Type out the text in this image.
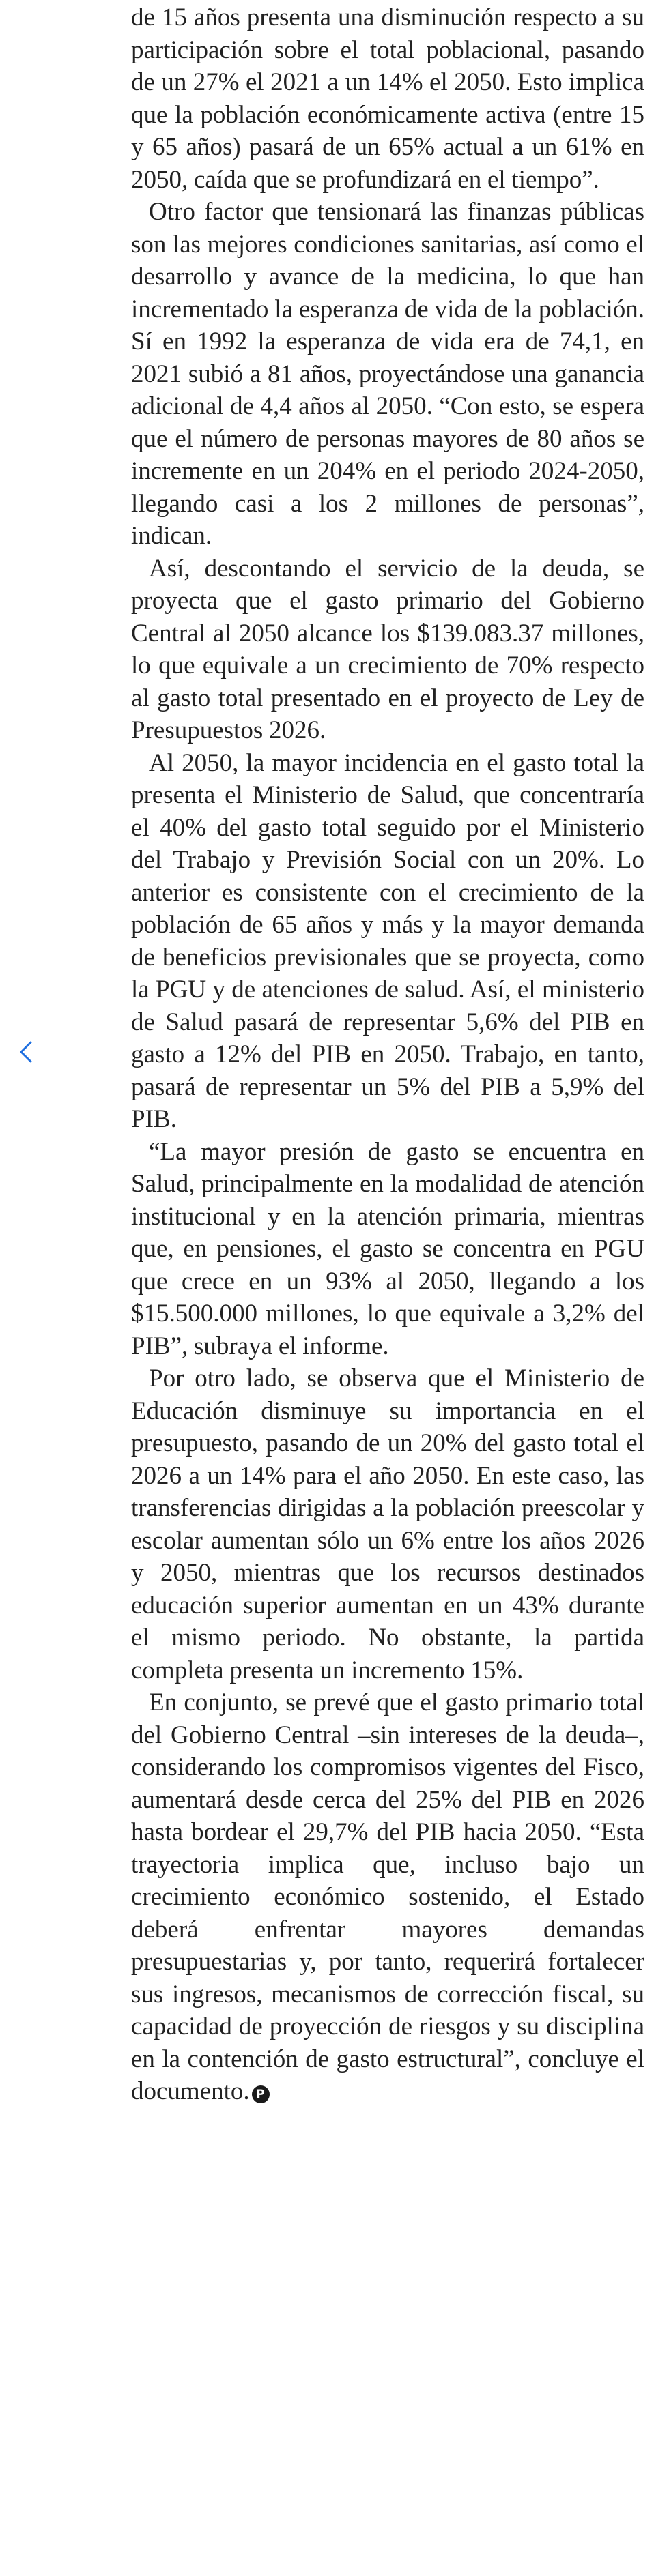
de 15 años presenta una disminución respecto a su participación sobre el total poblacional, pasando de un 27% el 2021 a un 14% el 2050. Esto implica que la población económicamente activa (entre 15 y 65 años) pasará de un 65% actual a un 61% en 2050, caída que se profundizará en el tiempo”.

Otro factor que tensionará las finanzas públicas son las mejores condiciones sanitarias, así como el desarrollo y avance de la medicina, lo que han incrementado la esperanza de vida de la población. Sí en 1992 la esperanza de vida era de 74,1, en 2021 subió a 81 años, proyectándose una ganancia adicional de 4,4 años al 2050. “Con esto, se espera que el número de personas mayores de 80 años se incremente en un 204% en el periodo 2024-2050, llegando casi a los 2 millones de personas”, indican.

Así, descontando el servicio de la deuda, se proyecta que el gasto primario del Gobierno Central al 2050 alcance los $139.083.37 millones, lo que equivale a un crecimiento de 70% respecto al gasto total presentado en el proyecto de Ley de Presupuestos 2026.

Al 2050, la mayor incidencia en el gasto total la presenta el Ministerio de Salud, que concentraría el 40% del gasto total seguido por el Ministerio del Trabajo y Previsión Social con un 20%. Lo anterior es consistente con el crecimiento de la población de 65 años y más y la mayor demanda de beneficios previsionales que se proyecta, como la PGU y de atenciones de salud. Así, el ministerio de Salud pasará de representar 5,6% del PIB en gasto a 12% del PIB en 2050. Trabajo, en tanto, pasará de representar un 5% del PIB a 5,9% del PIB.

“La mayor presión de gasto se encuentra en Salud, principalmente en la modalidad de atención institucional y en la atención primaria, mientras que, en pensiones, el gasto se concentra en PGU que crece en un 93% al 2050, llegando a los $15.500.000 millones, lo que equivale a 3,2% del PIB”, subraya el informe.

Por otro lado, se observa que el Ministerio de Educación disminuye su importancia en el presupuesto, pasando de un 20% del gasto total el 2026 a un 14% para el año 2050. En este caso, las transferencias dirigidas a la población preescolar y escolar aumentan sólo un 6% entre los años 2026 y 2050, mientras que los recursos destinados educación superior aumentan en un 43% durante el mismo periodo. No obstante, la partida completa presenta un incremento 15%.

En conjunto, se prevé que el gasto primario total del Gobierno Central –sin intereses de la deuda–, considerando los compromisos vigentes del Fisco, aumentará desde cerca del 25% del PIB en 2026 hasta bordear el 29,7% del PIB hacia 2050. “Esta trayectoria implica que, incluso bajo un crecimiento económico sostenido, el Estado deberá enfrentar mayores demandas presupuestarias y, por tanto, requerirá fortalecer sus ingresos, mecanismos de corrección fiscal, su capacidad de proyección de riesgos y su disciplina en la contención de gasto estructural”, concluye el documento. P
